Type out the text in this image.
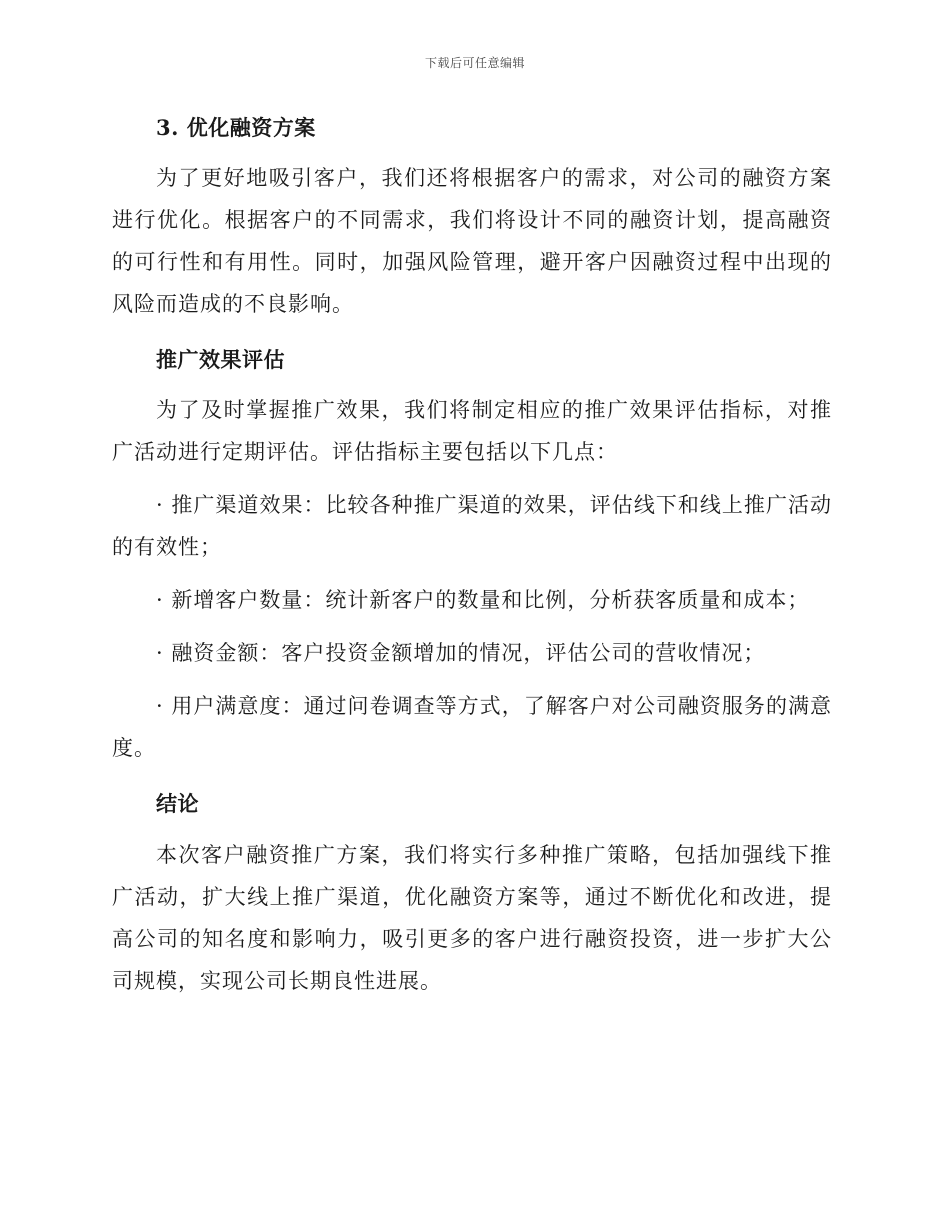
下载后可任意编辑
3. 优化融资方案

为了更好地吸引客户，我们还将根据客户的需求，对公司的融资方案进行优化。根据客户的不同需求，我们将设计不同的融资计划，提高融资的可行性和有用性。同时，加强风险管理，避开客户因融资过程中出现的风险而造成的不良影响。

推广效果评估

为了及时掌握推广效果，我们将制定相应的推广效果评估指标，对推广活动进行定期评估。评估指标主要包括以下几点：

· 推广渠道效果：比较各种推广渠道的效果，评估线下和线上推广活动的有效性；

· 新增客户数量：统计新客户的数量和比例，分析获客质量和成本；

· 融资金额：客户投资金额增加的情况，评估公司的营收情况；

· 用户满意度：通过问卷调查等方式，了解客户对公司融资服务的满意度。

结论

本次客户融资推广方案，我们将实行多种推广策略，包括加强线下推广活动，扩大线上推广渠道，优化融资方案等，通过不断优化和改进，提高公司的知名度和影响力，吸引更多的客户进行融资投资，进一步扩大公司规模，实现公司长期良性进展。
